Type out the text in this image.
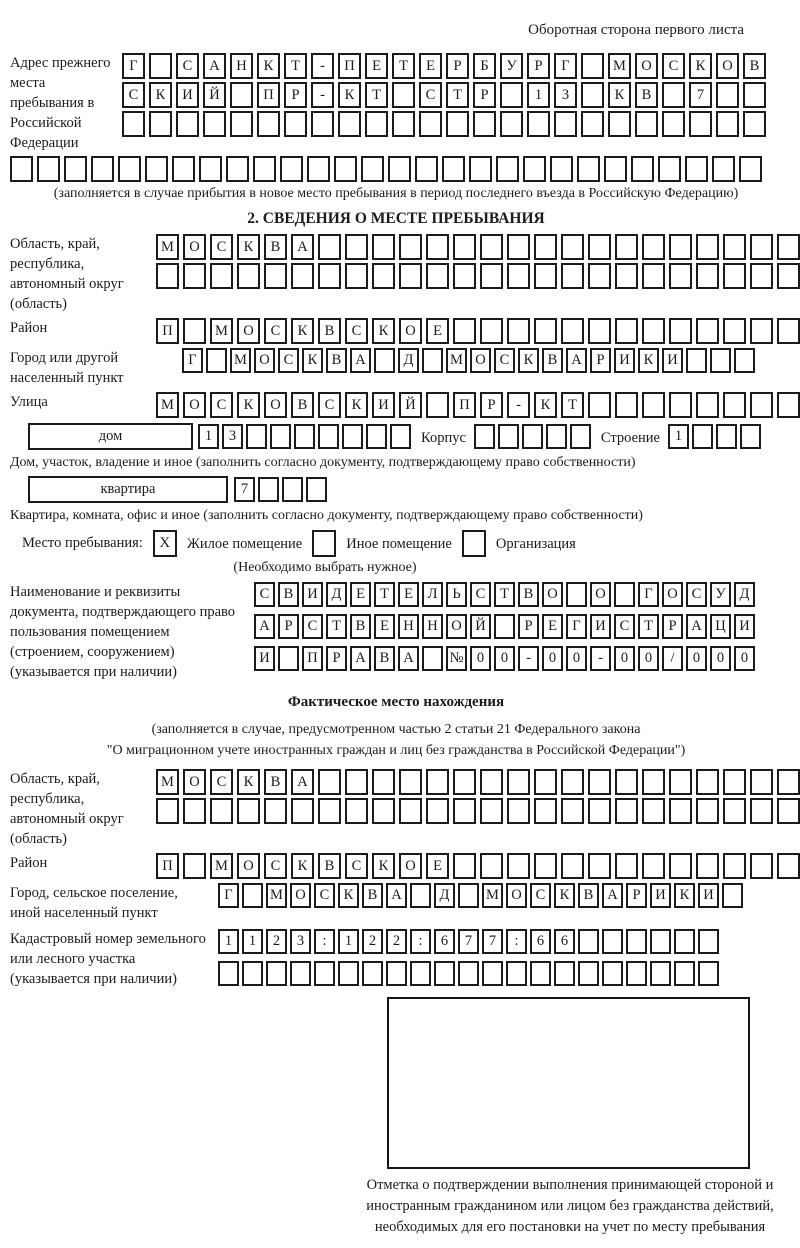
Оборотная сторона первого листа
Адрес прежнего места пребывания в Российской Федерации
Г	С	А	Н	К	Т	-	П	Е	Т	Е	Р	Б	У	Р	Г	М	О	С	К	О	В
С	К	И	Й	П	Р	-	К	Т	С	Т	Р	1	3	К	В	7
(заполняется в случае прибытия в новое место пребывания в период последнего въезда в Российскую Федерацию)
2. СВЕДЕНИЯ О МЕСТЕ ПРЕБЫВАНИЯ
Область, край, республика, автономный округ (область)
М	О	С	К	В	А
Район	П	М	О	С	К	В	С	К	О	Е
Город или другой населенный пункт
Г	М О С К В А	Д	М О С К В А	Р	И К И
Улица	М	О	С	К	О	В	С	К	И	Й	П	Р	-	К	Т
дом	1	3	Корпус	Строение	1
Дом, участок, владение и иное (заполнить согласно документу, подтверждающему право собственности)
квартира	7
Квартира, комната, офис и иное (заполнить согласно документу, подтверждающему право собственности)
Место пребывания:	X	Жилое помещение	Иное помещение	Организация
(Необходимо выбрать нужное)
Наименование и реквизиты документа, подтверждающего право пользования помещением (строением, сооружением) (указывается при наличии)
С В И Д	Е	Т	Е	Л	Ь	С	Т	В О	О	Г	О С У Д
А	Р	С	Т	В	Е Н Н О Й	Р	Е	Г	И С	Т	Р	А Ц И
И	П	Р	А В А	№ 0	0	-	0	0	-	0	0	/	0	0	0
Фактическое место нахождения
(заполняется в случае, предусмотренном частью 2 статьи 21 Федерального закона
"О миграционном учете иностранных граждан и лиц без гражданства в Российской Федерации")
Область, край, республика, автономный округ (область)
М	О	С	К	В	А
Район	П	М	О	С	К	В	С	К	О	Е
Город, сельское поселение, иной населенный пункт
Г	М О С К В А	Д	М О С К В А	Р	И К И
Кадастровый номер земельного или лесного участка (указывается при наличии)
1	1	2	3	:	1	2	2	:	6	7	7	:	6	6
Отметка о подтверждении выполнения принимающей стороной и иностранным гражданином или лицом без гражданства действий, необходимых для его постановки на учет по месту пребывания
